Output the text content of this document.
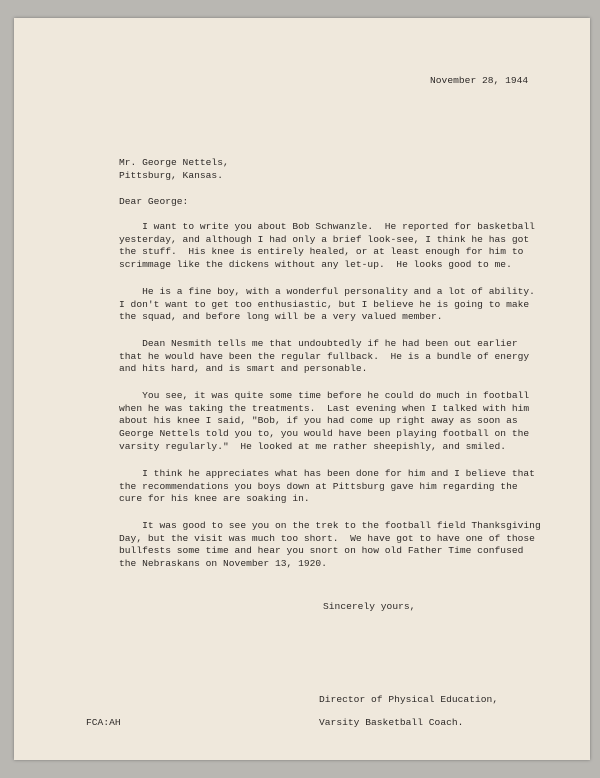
November 28, 1944
Mr. George Nettels,
Pittsburg, Kansas.
Dear George:
I want to write you about Bob Schwanzle.  He reported for basketball
yesterday, and although I had only a brief look-see, I think he has got
the stuff.  His knee is entirely healed, or at least enough for him to
scrimmage like the dickens without any let-up.  He looks good to me.
He is a fine boy, with a wonderful personality and a lot of ability.
I don't want to get too enthusiastic, but I believe he is going to make
the squad, and before long will be a very valued member.
Dean Nesmith tells me that undoubtedly if he had been out earlier
that he would have been the regular fullback.  He is a bundle of energy
and hits hard, and is smart and personable.
You see, it was quite some time before he could do much in football
when he was taking the treatments.  Last evening when I talked with him
about his knee I said, "Bob, if you had come up right away as soon as
George Nettels told you to, you would have been playing football on the
varsity regularly."  He looked at me rather sheepishly, and smiled.
I think he appreciates what has been done for him and I believe that
the recommendations you boys down at Pittsburg gave him regarding the
cure for his knee are soaking in.
It was good to see you on the trek to the football field Thanksgiving
Day, but the visit was much too short.  We have got to have one of those
bullfests some time and hear you snort on how old Father Time confused
the Nebraskans on November 13, 1920.
Sincerely yours,
Director of Physical Education,
Varsity Basketball Coach.
FCA:AH
